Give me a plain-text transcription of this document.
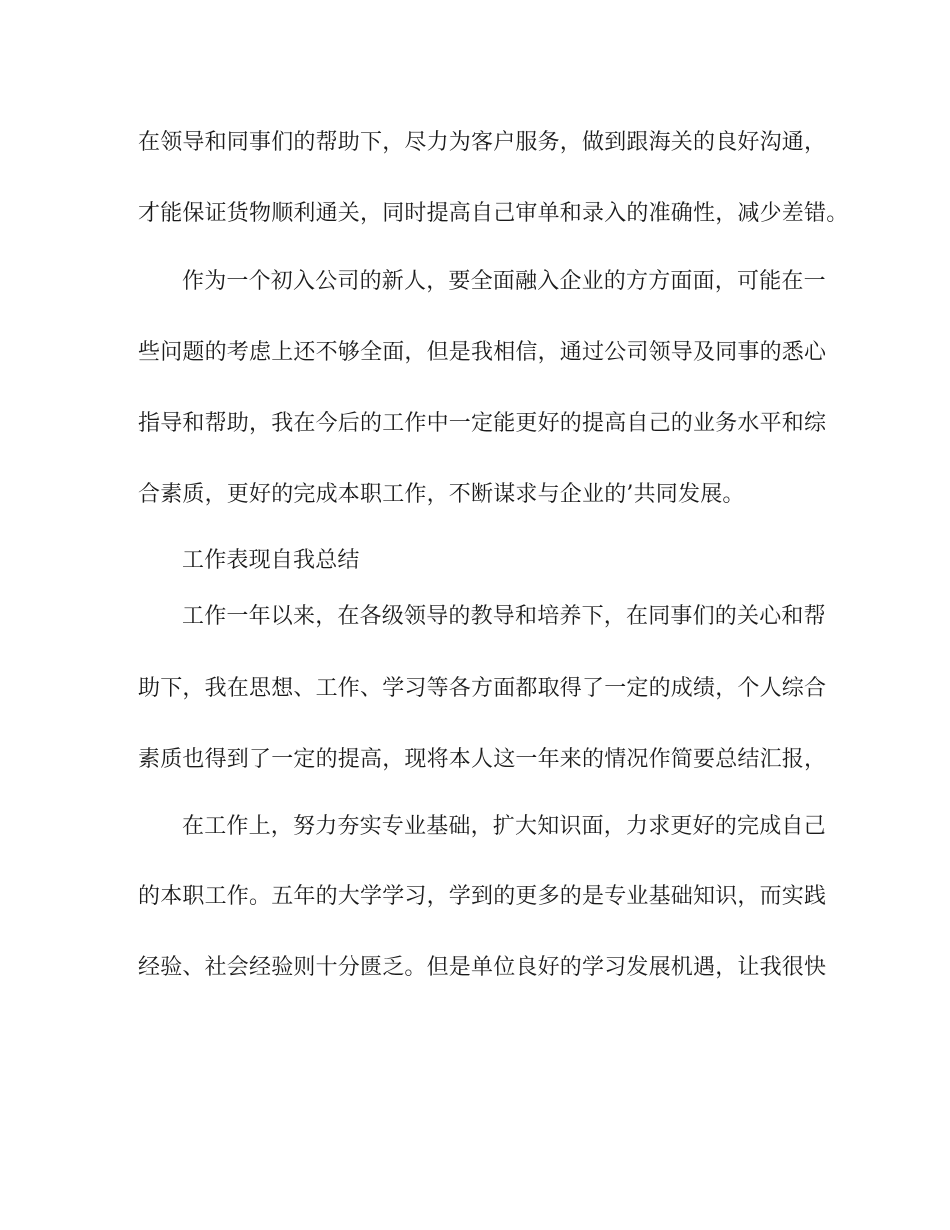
在领导和同事们的帮助下，尽力为客户服务，做到跟海关的良好沟通，
才能保证货物顺利通关，同时提高自己审单和录入的准确性，减少差错。
作为一个初入公司的新人，要全面融入企业的方方面面，可能在一
些问题的考虑上还不够全面，但是我相信，通过公司领导及同事的悉心
指导和帮助，我在今后的工作中一定能更好的提高自己的业务水平和综
合素质，更好的完成本职工作，不断谋求与企业的’共同发展。
工作表现自我总结
工作一年以来，在各级领导的教导和培养下，在同事们的关心和帮
助下，我在思想、工作、学习等各方面都取得了一定的成绩，个人综合
素质也得到了一定的提高，现将本人这一年来的情况作简要总结汇报，
在工作上，努力夯实专业基础，扩大知识面，力求更好的完成自己
的本职工作。五年的大学学习，学到的更多的是专业基础知识，而实践
经验、社会经验则十分匮乏。但是单位良好的学习发展机遇，让我很快
